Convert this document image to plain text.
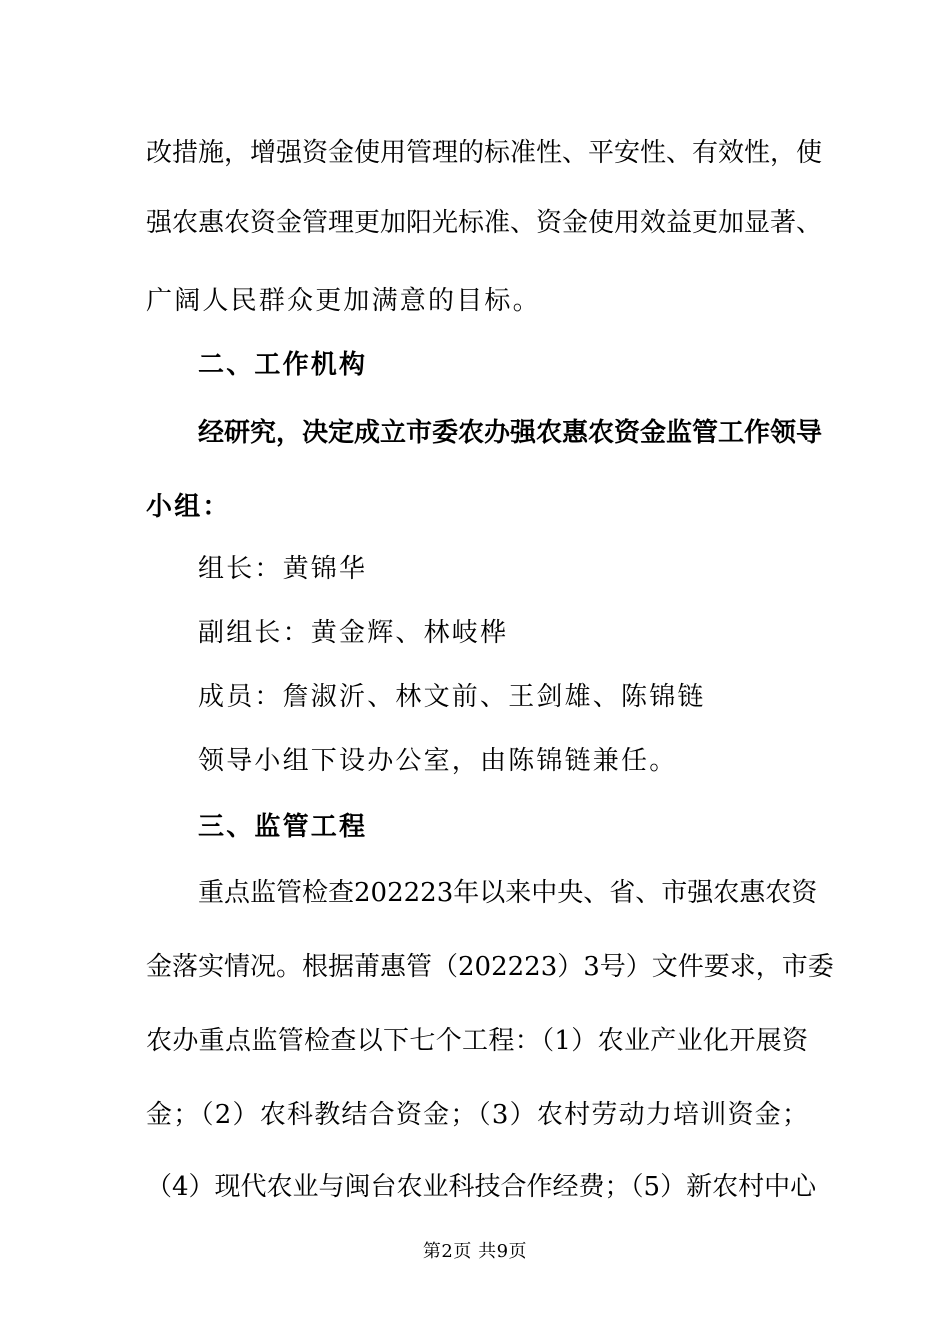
改措施，增强资金使用管理的标准性、平安性、有效性，使
强农惠农资金管理更加阳光标准、资金使用效益更加显著、
广阔人民群众更加满意的目标。
二、工作机构
经研究，决定成立市委农办强农惠农资金监管工作领导
小组：
组长：黄锦华
副组长：黄金辉、林岐桦
成员：詹淑沂、林文前、王剑雄、陈锦链
领导小组下设办公室，由陈锦链兼任。
三、监管工程
重点监管检查202223年以来中央、省、市强农惠农资
金落实情况。根据莆惠管（202223）3号）文件要求，市委
农办重点监管检查以下七个工程：（1）农业产业化开展资
金；（2）农科教结合资金；（3）农村劳动力培训资金；
（4）现代农业与闽台农业科技合作经费；（5）新农村中心
第2页 共9页
